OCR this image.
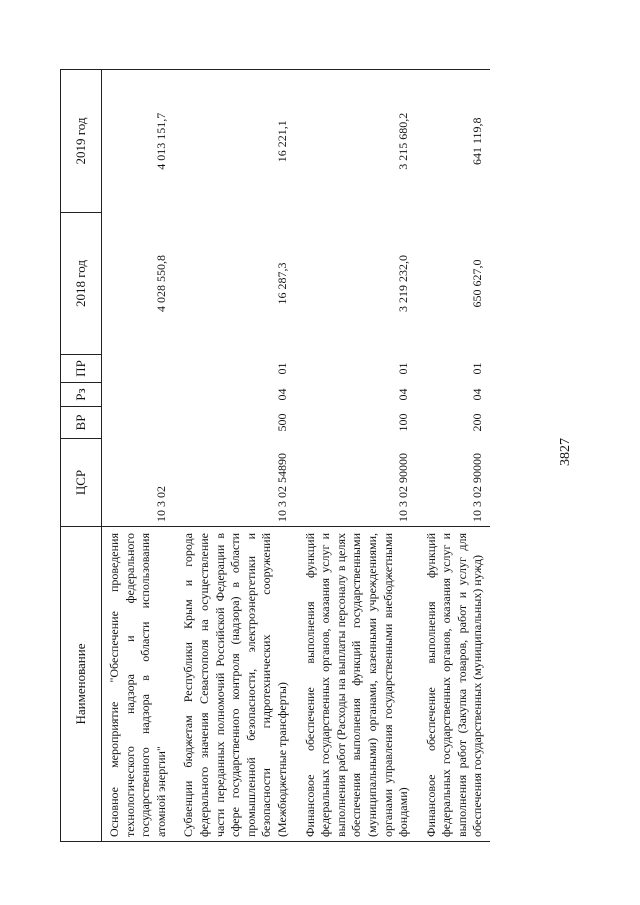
3827
Наименование	ЦСР	ВР	Рз	ПР	2018 год	2019 год
Основное мероприятие "Обеспечение проведения технологического надзора и федерального государственного надзора в области использования атомной энергии"	10 3 02				4 028 550,8	4 013 151,7
Субвенции бюджетам Республики Крым и города федерального значения Севастополя на осуществление части переданных полномочий Российской Федерации в сфере государственного контроля (надзора) в области промышленной безопасности, электроэнергетики и безопасности гидротехнических сооружений (Межбюджетные трансферты)	10 3 02 54890	500	04	01	16 287,3	16 221,1
Финансовое обеспечение выполнения функций федеральных государственных органов, оказания услуг и выполнения работ (Расходы на выплаты персоналу в целях обеспечения выполнения функций государственными (муниципальными) органами, казенными учреждениями, органами управления государственными внебюджетными фондами)	10 3 02 90000	100	04	01	3 219 232,0	3 215 680,2
Финансовое обеспечение выполнения функций федеральных государственных органов, оказания услуг и выполнения работ (Закупка товаров, работ и услуг для обеспечения государственных (муниципальных) нужд)	10 3 02 90000	200	04	01	650 627,0	641 119,8
